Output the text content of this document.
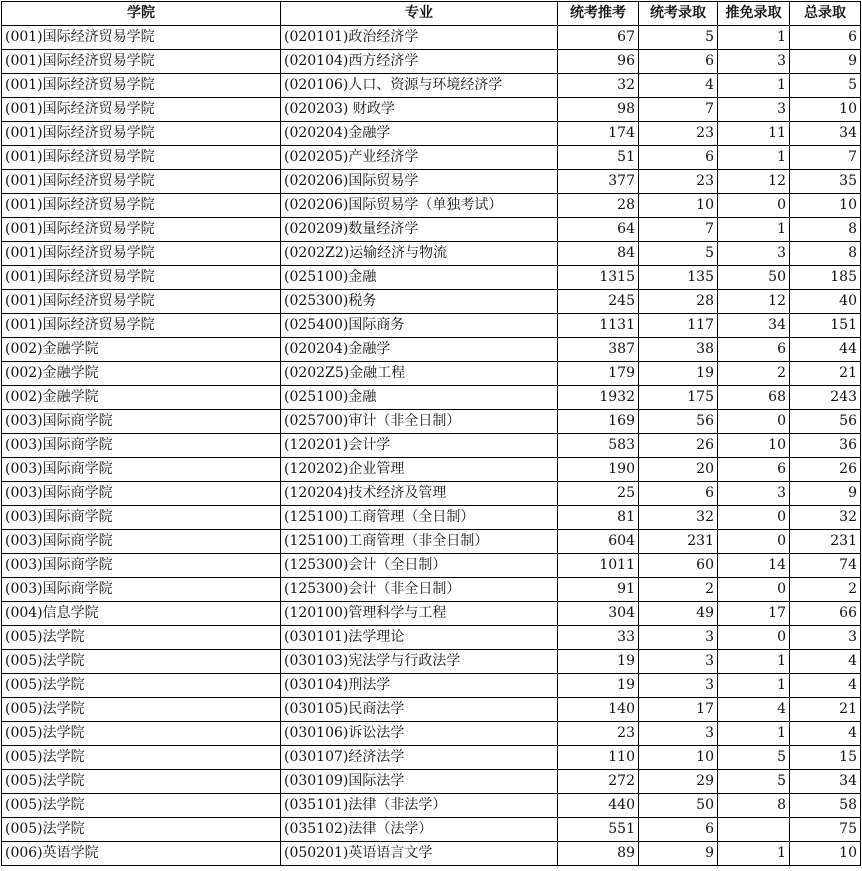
学院	专业	统考推考	统考录取	推免录取	总录取
(001)国际经济贸易学院	(020101)政治经济学	67	5	1	6
(001)国际经济贸易学院	(020104)西方经济学	96	6	3	9
(001)国际经济贸易学院	(020106)人口、资源与环境经济学	32	4	1	5
(001)国际经济贸易学院	(020203) 财政学	98	7	3	10
(001)国际经济贸易学院	(020204)金融学	174	23	11	34
(001)国际经济贸易学院	(020205)产业经济学	51	6	1	7
(001)国际经济贸易学院	(020206)国际贸易学	377	23	12	35
(001)国际经济贸易学院	(020206)国际贸易学（单独考试）	28	10	0	10
(001)国际经济贸易学院	(020209)数量经济学	64	7	1	8
(001)国际经济贸易学院	(0202Z2)运输经济与物流	84	5	3	8
(001)国际经济贸易学院	(025100)金融	1315	135	50	185
(001)国际经济贸易学院	(025300)税务	245	28	12	40
(001)国际经济贸易学院	(025400)国际商务	1131	117	34	151
(002)金融学院	(020204)金融学	387	38	6	44
(002)金融学院	(0202Z5)金融工程	179	19	2	21
(002)金融学院	(025100)金融	1932	175	68	243
(003)国际商学院	(025700)审计（非全日制）	169	56	0	56
(003)国际商学院	(120201)会计学	583	26	10	36
(003)国际商学院	(120202)企业管理	190	20	6	26
(003)国际商学院	(120204)技术经济及管理	25	6	3	9
(003)国际商学院	(125100)工商管理（全日制）	81	32	0	32
(003)国际商学院	(125100)工商管理（非全日制）	604	231	0	231
(003)国际商学院	(125300)会计（全日制）	1011	60	14	74
(003)国际商学院	(125300)会计（非全日制）	91	2	0	2
(004)信息学院	(120100)管理科学与工程	304	49	17	66
(005)法学院	(030101)法学理论	33	3	0	3
(005)法学院	(030103)宪法学与行政法学	19	3	1	4
(005)法学院	(030104)刑法学	19	3	1	4
(005)法学院	(030105)民商法学	140	17	4	21
(005)法学院	(030106)诉讼法学	23	3	1	4
(005)法学院	(030107)经济法学	110	10	5	15
(005)法学院	(030109)国际法学	272	29	5	34
(005)法学院	(035101)法律（非法学）	440	50	8	58
(005)法学院	(035102)法律（法学）	551	6		75
(006)英语学院	(050201)英语语言文学	89	9	1	10
